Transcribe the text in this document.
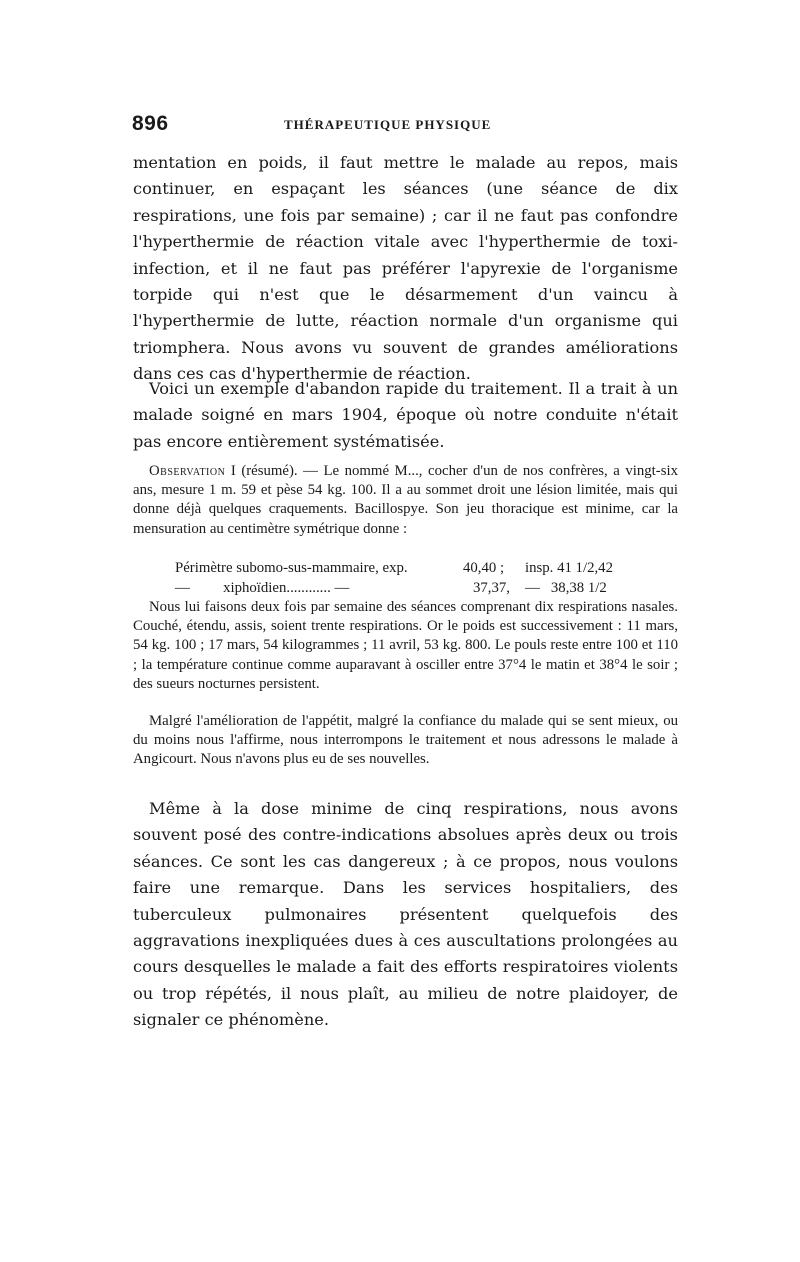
896	THÉRAPEUTIQUE PHYSIQUE

mentation en poids, il faut mettre le malade au repos, mais continuer, en espaçant les séances (une séance de dix respirations, une fois par semaine) ; car il ne faut pas confondre l'hyperthermie de réaction vitale avec l'hyperthermie de toxi-infection, et il ne faut pas préférer l'apyrexie de l'organisme torpide qui n'est que le désarmement d'un vaincu à l'hyperthermie de lutte, réaction normale d'un organisme qui triomphera. Nous avons vu souvent de grandes améliorations dans ces cas d'hyperthermie de réaction.

Voici un exemple d'abandon rapide du traitement. Il a trait à un malade soigné en mars 1904, époque où notre conduite n'était pas encore entièrement systématisée.

Observation I (résumé). — Le nommé M..., cocher d'un de nos confrères, a vingt-six ans, mesure 1 m. 59 et pèse 54 kg. 100. Il a au sommet droit une lésion limitée, mais qui donne déjà quelques craquements. Bacillospye. Son jeu thoracique est minime, car la mensuration au centimètre symétrique donne :

Périmètre subomo-sus-mammaire, exp.	40,40 ; insp. 41 1/2,42
—         xiphoïdien............ —	37,37, —   38,38 1/2

Nous lui faisons deux fois par semaine des séances comprenant dix respirations nasales. Couché, étendu, assis, soient trente respirations. Or le poids est successivement : 11 mars, 54 kg. 100 ; 17 mars, 54 kilogrammes ; 11 avril, 53 kg. 800. Le pouls reste entre 100 et 110 ; la température continue comme auparavant à osciller entre 37°4 le matin et 38°4 le soir ; des sueurs nocturnes persistent.

Malgré l'amélioration de l'appétit, malgré la confiance du malade qui se sent mieux, ou du moins nous l'affirme, nous interrompons le traitement et nous adressons le malade à Angicourt. Nous n'avons plus eu de ses nouvelles.

Même à la dose minime de cinq respirations, nous avons souvent posé des contre-indications absolues après deux ou trois séances. Ce sont les cas dangereux ; à ce propos, nous voulons faire une remarque. Dans les services hospitaliers, des tuberculeux pulmonaires présentent quelquefois des aggravations inexpliquées dues à ces auscultations prolongées au cours desquelles le malade a fait des efforts respiratoires violents ou trop répétés, il nous plaît, au milieu de notre plaidoyer, de signaler ce phénomène.
